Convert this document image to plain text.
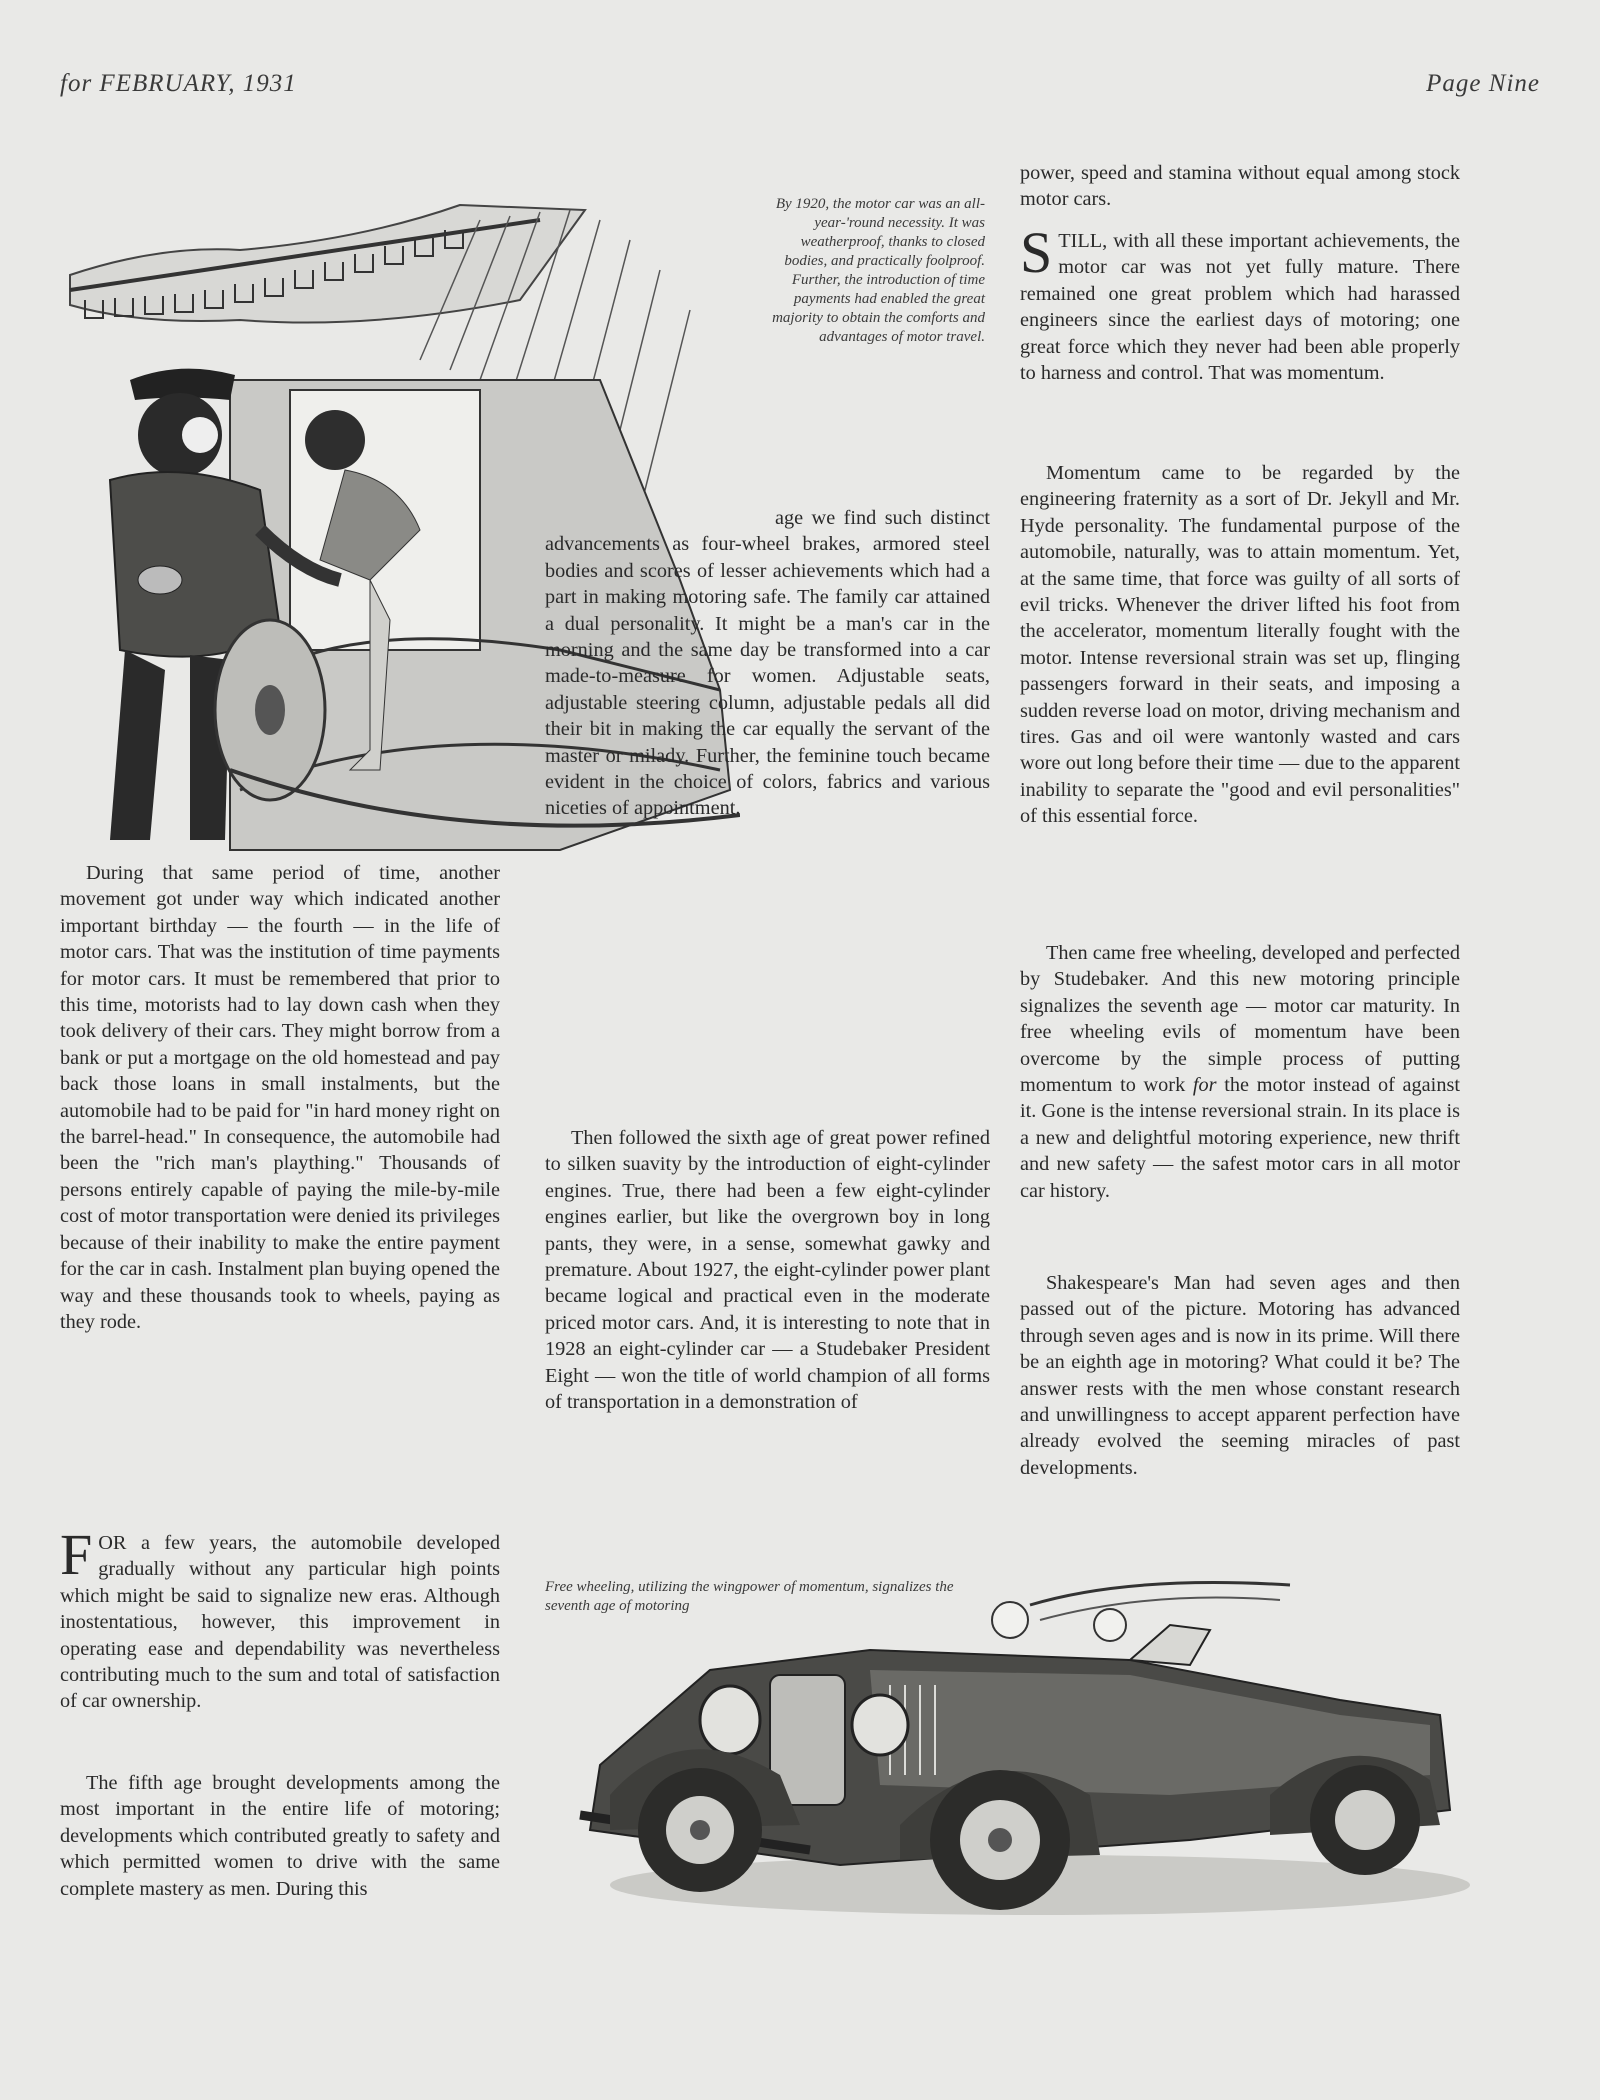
for FEBRUARY, 1931	Page Nine

By 1920, the motor car was an all-year-'round necessity. It was weatherproof, thanks to closed bodies, and practically foolproof. Further, the introduction of time payments had enabled the great majority to obtain the comforts and advantages of motor travel.

During that same period of time, another movement got under way which indicated another important birthday — the fourth — in the life of motor cars. That was the institution of time payments for motor cars. It must be remembered that prior to this time, motorists had to lay down cash when they took delivery of their cars. They might borrow from a bank or put a mortgage on the old homestead and pay back those loans in small instalments, but the automobile had to be paid for "in hard money right on the barrel-head." In consequence, the automobile had been the "rich man's plaything." Thousands of persons entirely capable of paying the mile-by-mile cost of motor transportation were denied its privileges because of their inability to make the entire payment for the car in cash. Instalment plan buying opened the way and these thousands took to wheels, paying as they rode.

FOR a few years, the automobile developed gradually without any particular high points which might be said to signalize new eras. Although inostentatious, however, this improvement in operating ease and dependability was nevertheless contributing much to the sum and total of satisfaction of car ownership.

The fifth age brought developments among the most important in the entire life of motoring; developments which contributed greatly to safety and which permitted women to drive with the same complete mastery as men. During this

age we find such distinct advancements as four-wheel brakes, armored steel bodies and scores of lesser achievements which had a part in making motoring safe. The family car attained a dual personality. It might be a man's car in the morning and the same day be transformed into a car made-to-measure for women. Adjustable seats, adjustable steering column, adjustable pedals all did their bit in making the car equally the servant of the master or milady. Further, the feminine touch became evident in the choice of colors, fabrics and various niceties of appointment.

Then followed the sixth age of great power refined to silken suavity by the introduction of eight-cylinder engines. True, there had been a few eight-cylinder engines earlier, but like the overgrown boy in long pants, they were, in a sense, somewhat gawky and premature. About 1927, the eight-cylinder power plant became logical and practical even in the moderate priced motor cars. And, it is interesting to note that in 1928 an eight-cylinder car — a Studebaker President Eight — won the title of world champion of all forms of transportation in a demonstration of

power, speed and stamina without equal among stock motor cars.

STILL, with all these important achievements, the motor car was not yet fully mature. There remained one great problem which had harassed engineers since the earliest days of motoring; one great force which they never had been able properly to harness and control. That was momentum.

Momentum came to be regarded by the engineering fraternity as a sort of Dr. Jekyll and Mr. Hyde personality. The fundamental purpose of the automobile, naturally, was to attain momentum. Yet, at the same time, that force was guilty of all sorts of evil tricks. Whenever the driver lifted his foot from the accelerator, momentum literally fought with the motor. Intense reversional strain was set up, flinging passengers forward in their seats, and imposing a sudden reverse load on motor, driving mechanism and tires. Gas and oil were wantonly wasted and cars wore out long before their time — due to the apparent inability to separate the "good and evil personalities" of this essential force.

Then came free wheeling, developed and perfected by Studebaker. And this new motoring principle signalizes the seventh age — motor car maturity. In free wheeling evils of momentum have been overcome by the simple process of putting momentum to work for the motor instead of against it. Gone is the intense reversional strain. In its place is a new and delightful motoring experience, new thrift and new safety — the safest motor cars in all motor car history.

Shakespeare's Man had seven ages and then passed out of the picture. Motoring has advanced through seven ages and is now in its prime. Will there be an eighth age in motoring? What could it be? The answer rests with the men whose constant research and unwillingness to accept apparent perfection have already evolved the seeming miracles of past developments.

Free wheeling, utilizing the wingpower of momentum, signalizes the seventh age of motoring
